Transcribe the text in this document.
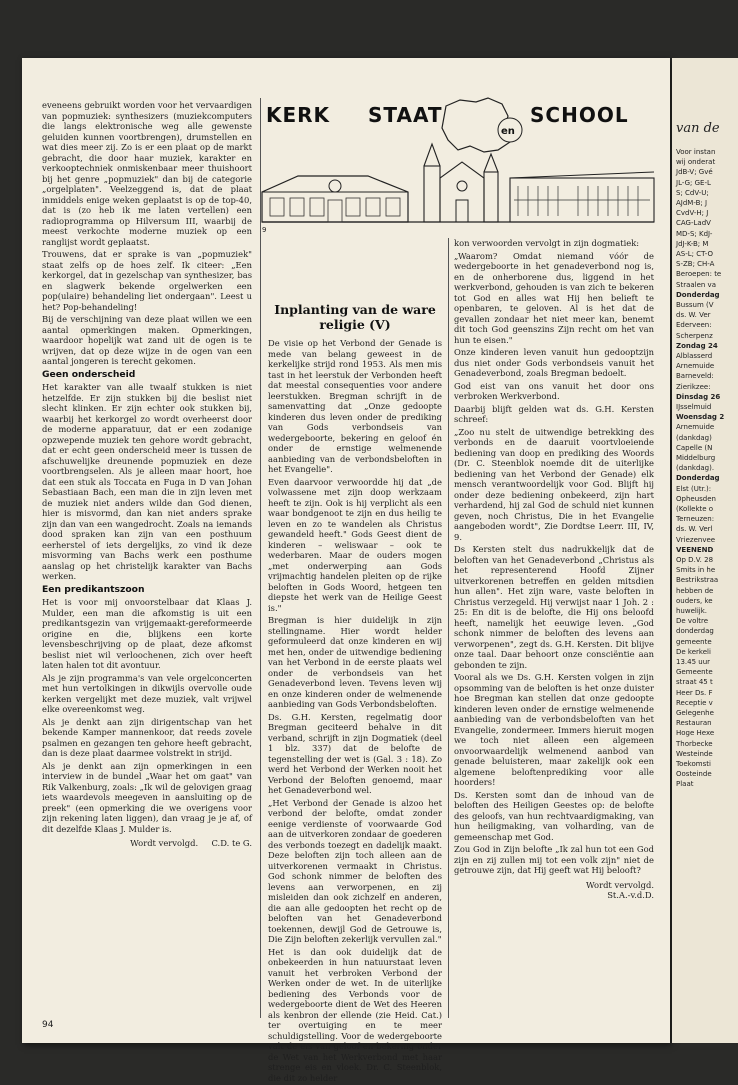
KERK STAAT
en
SCHOOL
9

eveneens gebruikt worden voor het vervaardigen van popmuziek: synthesizers (muziekcomputers die langs elektronische weg alle gewenste geluiden kunnen voortbrengen), drumstellen en wat dies meer zij. Zo is er een plaat op de markt gebracht, die door haar muziek, karakter en verkooptechniek onmiskenbaar meer thuishoort bij het genre „popmuziek" dan bij de categorie „orgelplaten". Veelzeggend is, dat de plaat inmiddels enige weken geplaatst is op de top-40, dat is (zo heb ik me laten vertellen) een radioprogramma op Hilversum III, waarbij de meest verkochte moderne muziek op een ranglijst wordt geplaatst.

Trouwens, dat er sprake is van „popmuziek" staat zelfs op de hoes zelf. Ik citeer: „Een kerkorgel, dat in gezelschap van synthesizer, bas en slagwerk bekende orgelwerken een pop(ulaire) behandeling liet ondergaan". Leest u het? Pop-behandeling!

Bij de verschijning van deze plaat willen we een aantal opmerkingen maken. Opmerkingen, waardoor hopelijk wat zand uit de ogen is te wrijven, dat op deze wijze in de ogen van een aantal jongeren is terecht gekomen.

Geen onderscheid

Het karakter van alle twaalf stukken is niet hetzelfde. Er zijn stukken bij die beslist niet slecht klinken. Er zijn echter ook stukken bij, waarbij het kerkorgel zo wordt overheerst door de moderne apparatuur, dat er een zodanige opzwepende muziek ten gehore wordt gebracht, dat er echt geen onderscheid meer is tussen de afschuwelijke dreunende popmuziek en deze voortbrengselen. Als je alleen maar hoort, hoe dat een stuk als Toccata en Fuga in D van Johan Sebastiaan Bach, een man die in zijn leven met de muziek niet anders wilde dan God dienen, hier is misvormd, dan kan niet anders sprake zijn dan van een wangedrocht. Zoals na iemands dood spraken kan zijn van een posthuum eerherstel of iets dergelijks, zo vind ik deze misvorming van Bachs werk een posthume aanslag op het christelijk karakter van Bachs werken.

Een predikantszoon

Het is voor mij onvoorstelbaar dat Klaas J. Mulder, een man die afkomstig is uit een predikantsgezin van vrijgemaakt-gereformeerde origine en die, blijkens een korte levensbeschrijving op de plaat, deze afkomst beslist niet wil verloochenen, zich over heeft laten halen tot dit avontuur.

Als je zijn programma's van vele orgelconcerten met hun vertolkingen in dikwijls overvolle oude kerken vergelijkt met deze muziek, valt vrijwel elke overeenkomst weg.

Als je denkt aan zijn dirigentschap van het bekende Kamper mannenkoor, dat reeds zovele psalmen en gezangen ten gehore heeft gebracht, dan is deze plaat daarmee volstrekt in strijd.

Als je denkt aan zijn opmerkingen in een interview in de bundel „Waar het om gaat" van Rik Valkenburg, zoals: „Ik wil de gelovigen graag iets waardevols meegeven in aansluiting op de preek" (een opmerking die we overigens voor zijn rekening laten liggen), dan vraag je je af, of dit dezelfde Klaas J. Mulder is.

Wordt vervolgd. C.D. te G.
Inplanting van de ware religie (V)

De visie op het Verbond der Genade is mede van belang geweest in de kerkelijke strijd rond 1953. Als men mis tast in het leerstuk der Verbonden heeft dat meestal consequenties voor andere leerstukken. Bregman schrijft in de samenvatting dat „Onze gedoopte kinderen dus leven onder de prediking van Gods verbondseis van wedergeboorte, bekering en geloof én onder de ernstige welmenende aanbieding van de verbondsbeloften in het Evangelie".

Even daarvoor verwoordde hij dat „de volwassene met zijn doop werkzaam heeft te zijn. Ook is hij verplicht als een waar bondgenoot te zijn en dus heilig te leven en zo te wandelen als Christus gewandeld heeft." Gods Geest dient de kinderen – weliswaar – ook te wederbaren. Maar de ouders mogen „met onderwerping aan Gods vrijmachtig handelen pleiten op de rijke beloften in Gods Woord, hetgeen ten diepste het werk van de Heilige Geest is."

Bregman is hier duidelijk in zijn stellingname. Hier wordt helder geformuleerd dat onze kinderen en wij met hen, onder de uitwendige bediening van het Verbond in de eerste plaats wel onder de verbondseis van het Genadeverbond leven. Tevens leven wij en onze kinderen onder de welmenende aanbieding van Gods Verbondsbeloften.

Ds. G.H. Kersten, regelmatig door Bregman geciteerd behalve in dit verband, schrijft in zijn Dogmatiek (deel 1 blz. 337) dat de belofte de tegenstelling der wet is (Gal. 3 : 18). Zo werd het Verbond der Werken nooit het Verbond der Beloften genoemd, maar het Genadeverbond wel.

„Het Verbond der Genade is alzoo het verbond der belofte, omdat zonder eenige verdienste of voorwaarde God aan de uitverkoren zondaar de goederen des verbonds toezegt en dadelijk maakt. Deze beloften zijn toch alleen aan de uitverkorenen vermaakt in Christus. God schonk nimmer de beloften des levens aan verworpenen, en zij misleiden dan ook zichzelf en anderen, die aan alle gedoopten het recht op de beloften van het Genadeverbond toekennen, dewijl God de Getrouwe is, Die Zijn beloften zekerlijk vervullen zal."

Het is dan ook duidelijk dat de onbekeerden in hun natuurstaat leven vanuit het verbroken Verbond der Werken onder de wet. In de uiterlijke bediening des Verbonds voor de wedergeboorte dient de Wet des Heeren als kenbron der ellende (zie Heid. Cat.) ter overtuiging en te meer schuldigstelling. Voor de wedergeboorte valt de eis van geloof en bekering onder de Wet van het Werkverbond met haar strenge eis en vloek. Dr. C. Steenblok, die dit zo helder

kon verwoorden vervolgt in zijn dogmatiek:

„Waarom? Omdat niemand vóór de wedergeboorte in het genadeverbond nog is, en de onherborene dus, liggend in het werkverbond, gehouden is van zich te bekeren tot God en alles wat Hij hen belieft te openbaren, te geloven. Al is het dat de gevallen zondaar het niet meer kan, benemt dit toch God geenszins Zijn recht om het van hun te eisen."

Onze kinderen leven vanuit hun gedooptzijn dus niet onder Gods verbondseis vanuit het Genadeverbond, zoals Bregman bedoelt.

God eist van ons vanuit het door ons verbroken Werkverbond.

Daarbij blijft gelden wat ds. G.H. Kersten schreef:

„Zoo nu stelt de uitwendige betrekking des verbonds en de daaruit voortvloeiende bediening van doop en prediking des Woords (Dr. C. Steenblok noemde dit de uiterlijke bediening van het Verbond der Genade) elk mensch verantwoordelijk voor God. Blijft hij onder deze bediening onbekeerd, zijn hart verhardend, hij zal God de schuld niet kunnen geven, noch Christus, Die in het Evangelie aangeboden wordt", Zie Dordtse Leerr. III, IV, 9.

Ds Kersten stelt dus nadrukkelijk dat de beloften van het Genadeverbond „Christus als het representerend Hoofd Zijner uitverkorenen betreffen en gelden mitsdien hun allen". Het zijn ware, vaste beloften in Christus verzegeld. Hij verwijst naar 1 Joh. 2 : 25: En dit is de belofte, die Hij ons beloofd heeft, namelijk het eeuwige leven. „God schonk nimmer de beloften des levens aan verworpenen", zegt ds. G.H. Kersten. Dit blijve onze taal. Daar behoort onze consciëntie aan gebonden te zijn.

Vooral als we Ds. G.H. Kersten volgen in zijn opsomming van de beloften is het onze duister hoe Bregman kan stellen dat onze gedoopte kinderen leven onder de ernstige welmenende aanbieding van de verbondsbeloften van het Evangelie, zondermeer. Immers hieruit mogen we toch niet alleen een algemeen onvoorwaardelijk welmenend aanbod van genade beluisteren, maar zakelijk ook een algemene beloftenprediking voor alle hoorders!

Ds. Kersten somt dan de inhoud van de beloften des Heiligen Geestes op: de belofte des geloofs, van hun rechtvaardigmaking, van hun heiligmaking, van volharding, van de gemeenschap met God.

Zou God in Zijn belofte „Ik zal hun tot een God zijn en zij zullen mij tot een volk zijn" niet de getrouwe zijn, dat Hij geeft wat Hij belooft?

Wordt vervolgd.
St.A.-v.d.D.
94
van de
Voor instan
wij onderat
JdB-V; Gvé
JL-G; GE-L
S; CdV-U;
AJdM-B; J
CvdV-H; J
CAG-LadV
MD-S; KdJ-
JdJ-K-B; M
AS-L; CT-O
S-ZB; CH-A
Beroepen: te
Straalen va
Donderdag
Bussum (V
ds. W. Ver
Ederveen:
Scherpenz
Zondag 24
Alblasserd
Arnemuide
Barneveld:
Zierikzee:
Dinsdag 26
IJsselmuid
Woensdag 2
Arnemuide
(dankdag)
Capelle (N
Middelburg
(dankdag).
Donderdag
Elst (Utr.):
Opheusden
(Kollekte o
Terneuzen:
ds. W. Verl
Vriezenvee
VEENEND
Op D.V. 28
Smits in he
Bestrikstraa
hebben de
ouders, ke
huwelijk.
De voltre
donderdag
gemeente
De kerkeli
13.45 uur
Gemeente
straat 45 t
Heer Ds. F
Receptie v
Gelegenhe
Restauran
Hoge Hexe
Thorbecke
Westeinde
Toekomsti
Oosteinde
Plaat
